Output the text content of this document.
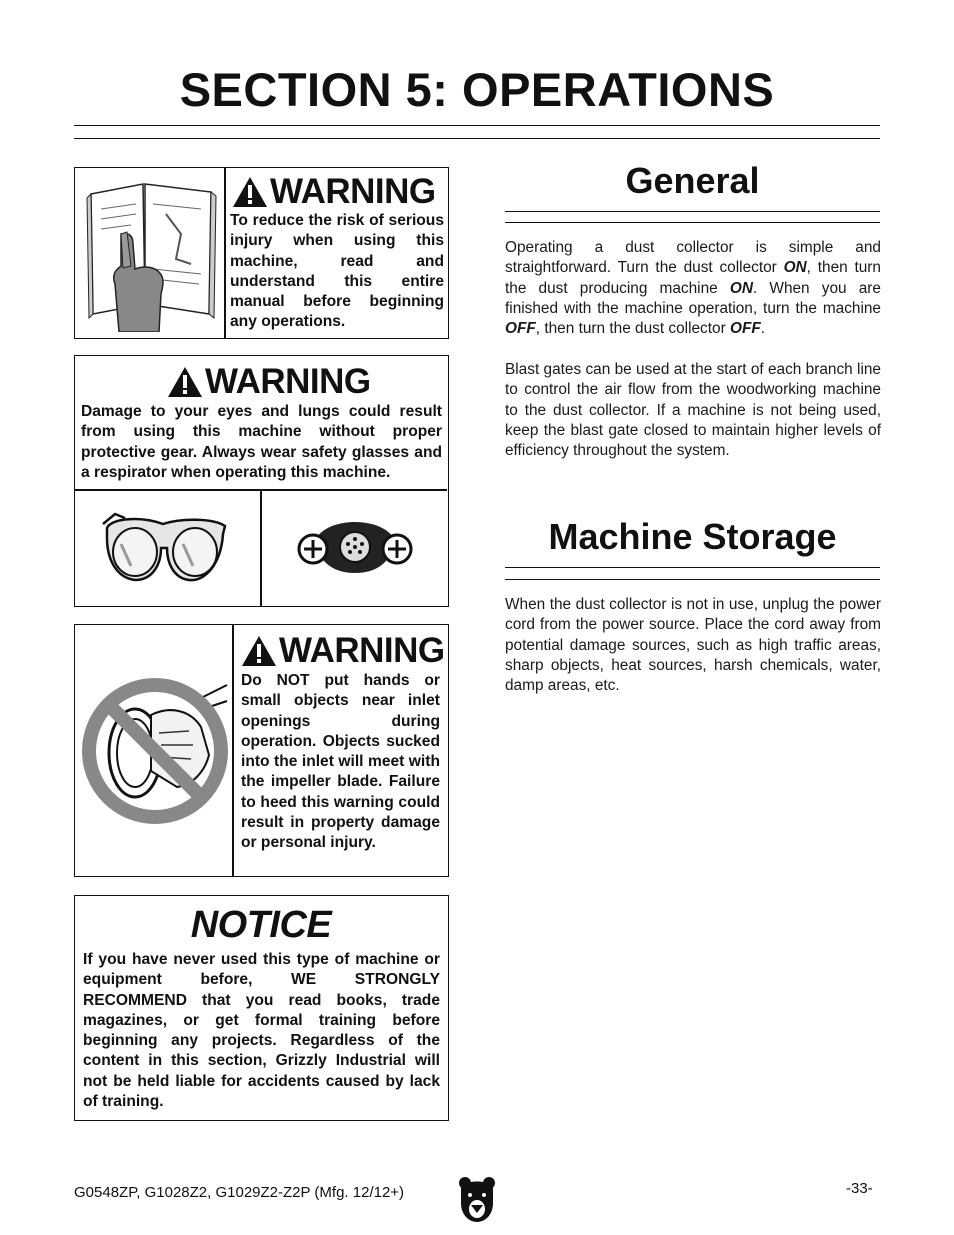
SECTION 5: OPERATIONS
WARNING
To reduce the risk of serious injury when using this machine, read and understand this entire manual before beginning any operations.
WARNING
Damage to your eyes and lungs could result from using this machine without proper protective gear. Always wear safety glasses and a respirator when operating this machine.
WARNING
Do NOT put hands or small objects near inlet openings during operation. Objects sucked into the inlet will meet with the impeller blade. Failure to heed this warning could result in property damage or personal injury.
NOTICE
If you have never used this type of machine or equipment before, WE STRONGLY RECOMMEND that you read books, trade magazines, or get formal training before beginning any projects. Regardless of the content in this section, Grizzly Industrial will not be held liable for accidents caused by lack of training.
General
Operating a dust collector is simple and straightforward. Turn the dust collector ON, then turn the dust producing machine ON. When you are finished with the machine operation, turn the machine OFF, then turn the dust collector OFF.
Blast gates can be used at the start of each branch line to control the air flow from the woodworking machine to the dust collector. If a machine is not being used, keep the blast gate closed to maintain higher levels of efficiency throughout the system.
Machine Storage
When the dust collector is not in use, unplug the power cord from the power source. Place the cord away from potential damage sources, such as high traffic areas, sharp objects, heat sources, harsh chemicals, water, damp areas, etc.
G0548ZP, G1028Z2, G1029Z2-Z2P (Mfg. 12/12+)	-33-
